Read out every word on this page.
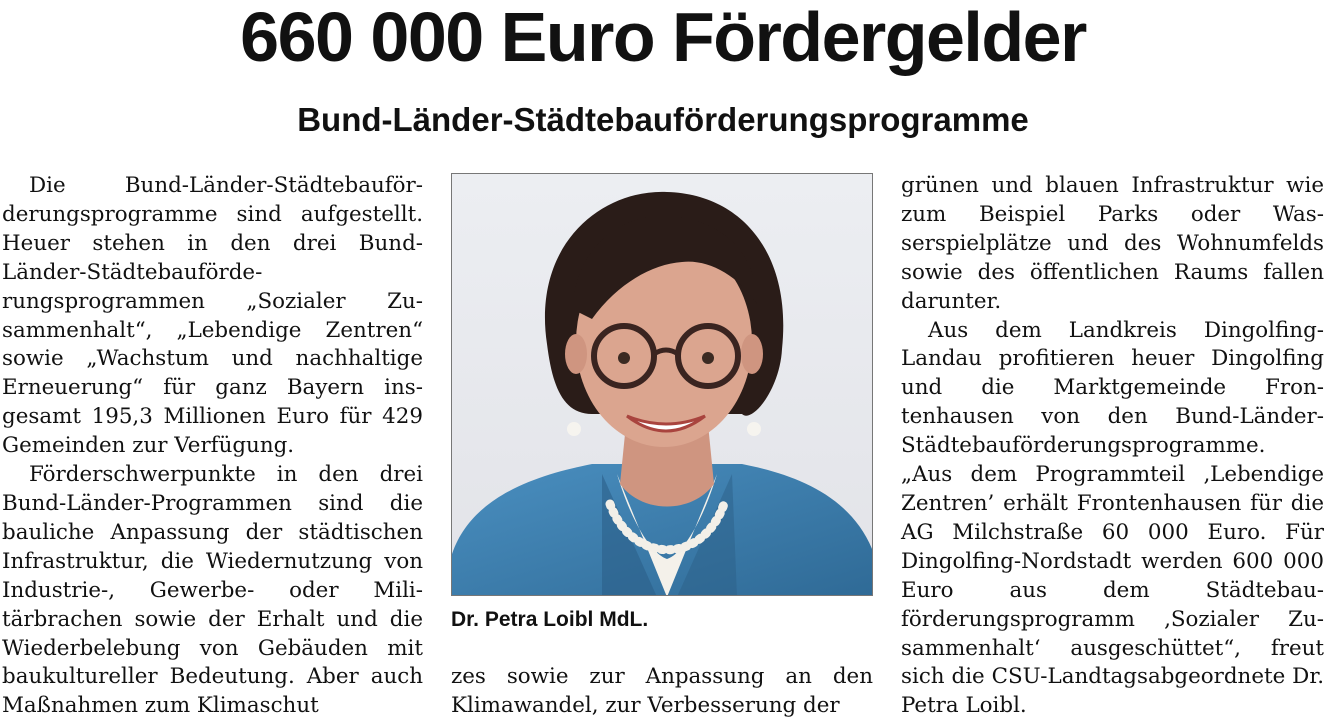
660 000 Euro Fördergelder
Bund-Länder-Städtebauförderungsprogramme

Die Bund-Länder-Städtebauförderungsprogramme sind aufgestellt. Heuer stehen in den drei Bund-Länder-Städtebauförderungsprogrammen „Sozialer Zusammenhalt“, „Lebendige Zentren“ sowie „Wachstum und nachhaltige Erneuerung“ für ganz Bayern insgesamt 195,3 Millionen Euro für 429 Gemeinden zur Verfügung.

Förderschwerpunkte in den drei Bund-Länder-Programmen sind die bauliche Anpassung der städtischen Infrastruktur, die Wiedernutzung von Industrie-, Gewerbe- oder Militärbrachen sowie der Erhalt und die Wiederbelebung von Gebäuden mit baukultureller Bedeutung. Aber auch Maßnahmen zum Klimaschut

Dr. Petra Loibl MdL.

zes sowie zur Anpassung an den Klimawandel, zur Verbesserung der

grünen und blauen Infrastruktur wie zum Beispiel Parks oder Wasserspielplätze und des Wohnumfelds sowie des öffentlichen Raums fallen darunter.

Aus dem Landkreis Dingolfing-Landau profitieren heuer Dingolfing und die Marktgemeinde Frontenhausen von den Bund-Länder-Städtebauförderungsprogramme.

„Aus dem Programmteil ‚Lebendige Zentren’ erhält Frontenhausen für die AG Milchstraße 60 000 Euro. Für Dingolfing-Nordstadt werden 600 000 Euro aus dem Städtebauförderungsprogramm ‚Sozialer Zusammenhalt‘ ausgeschüttet“, freut sich die CSU-Landtagsabgeordnete Dr. Petra Loibl.
